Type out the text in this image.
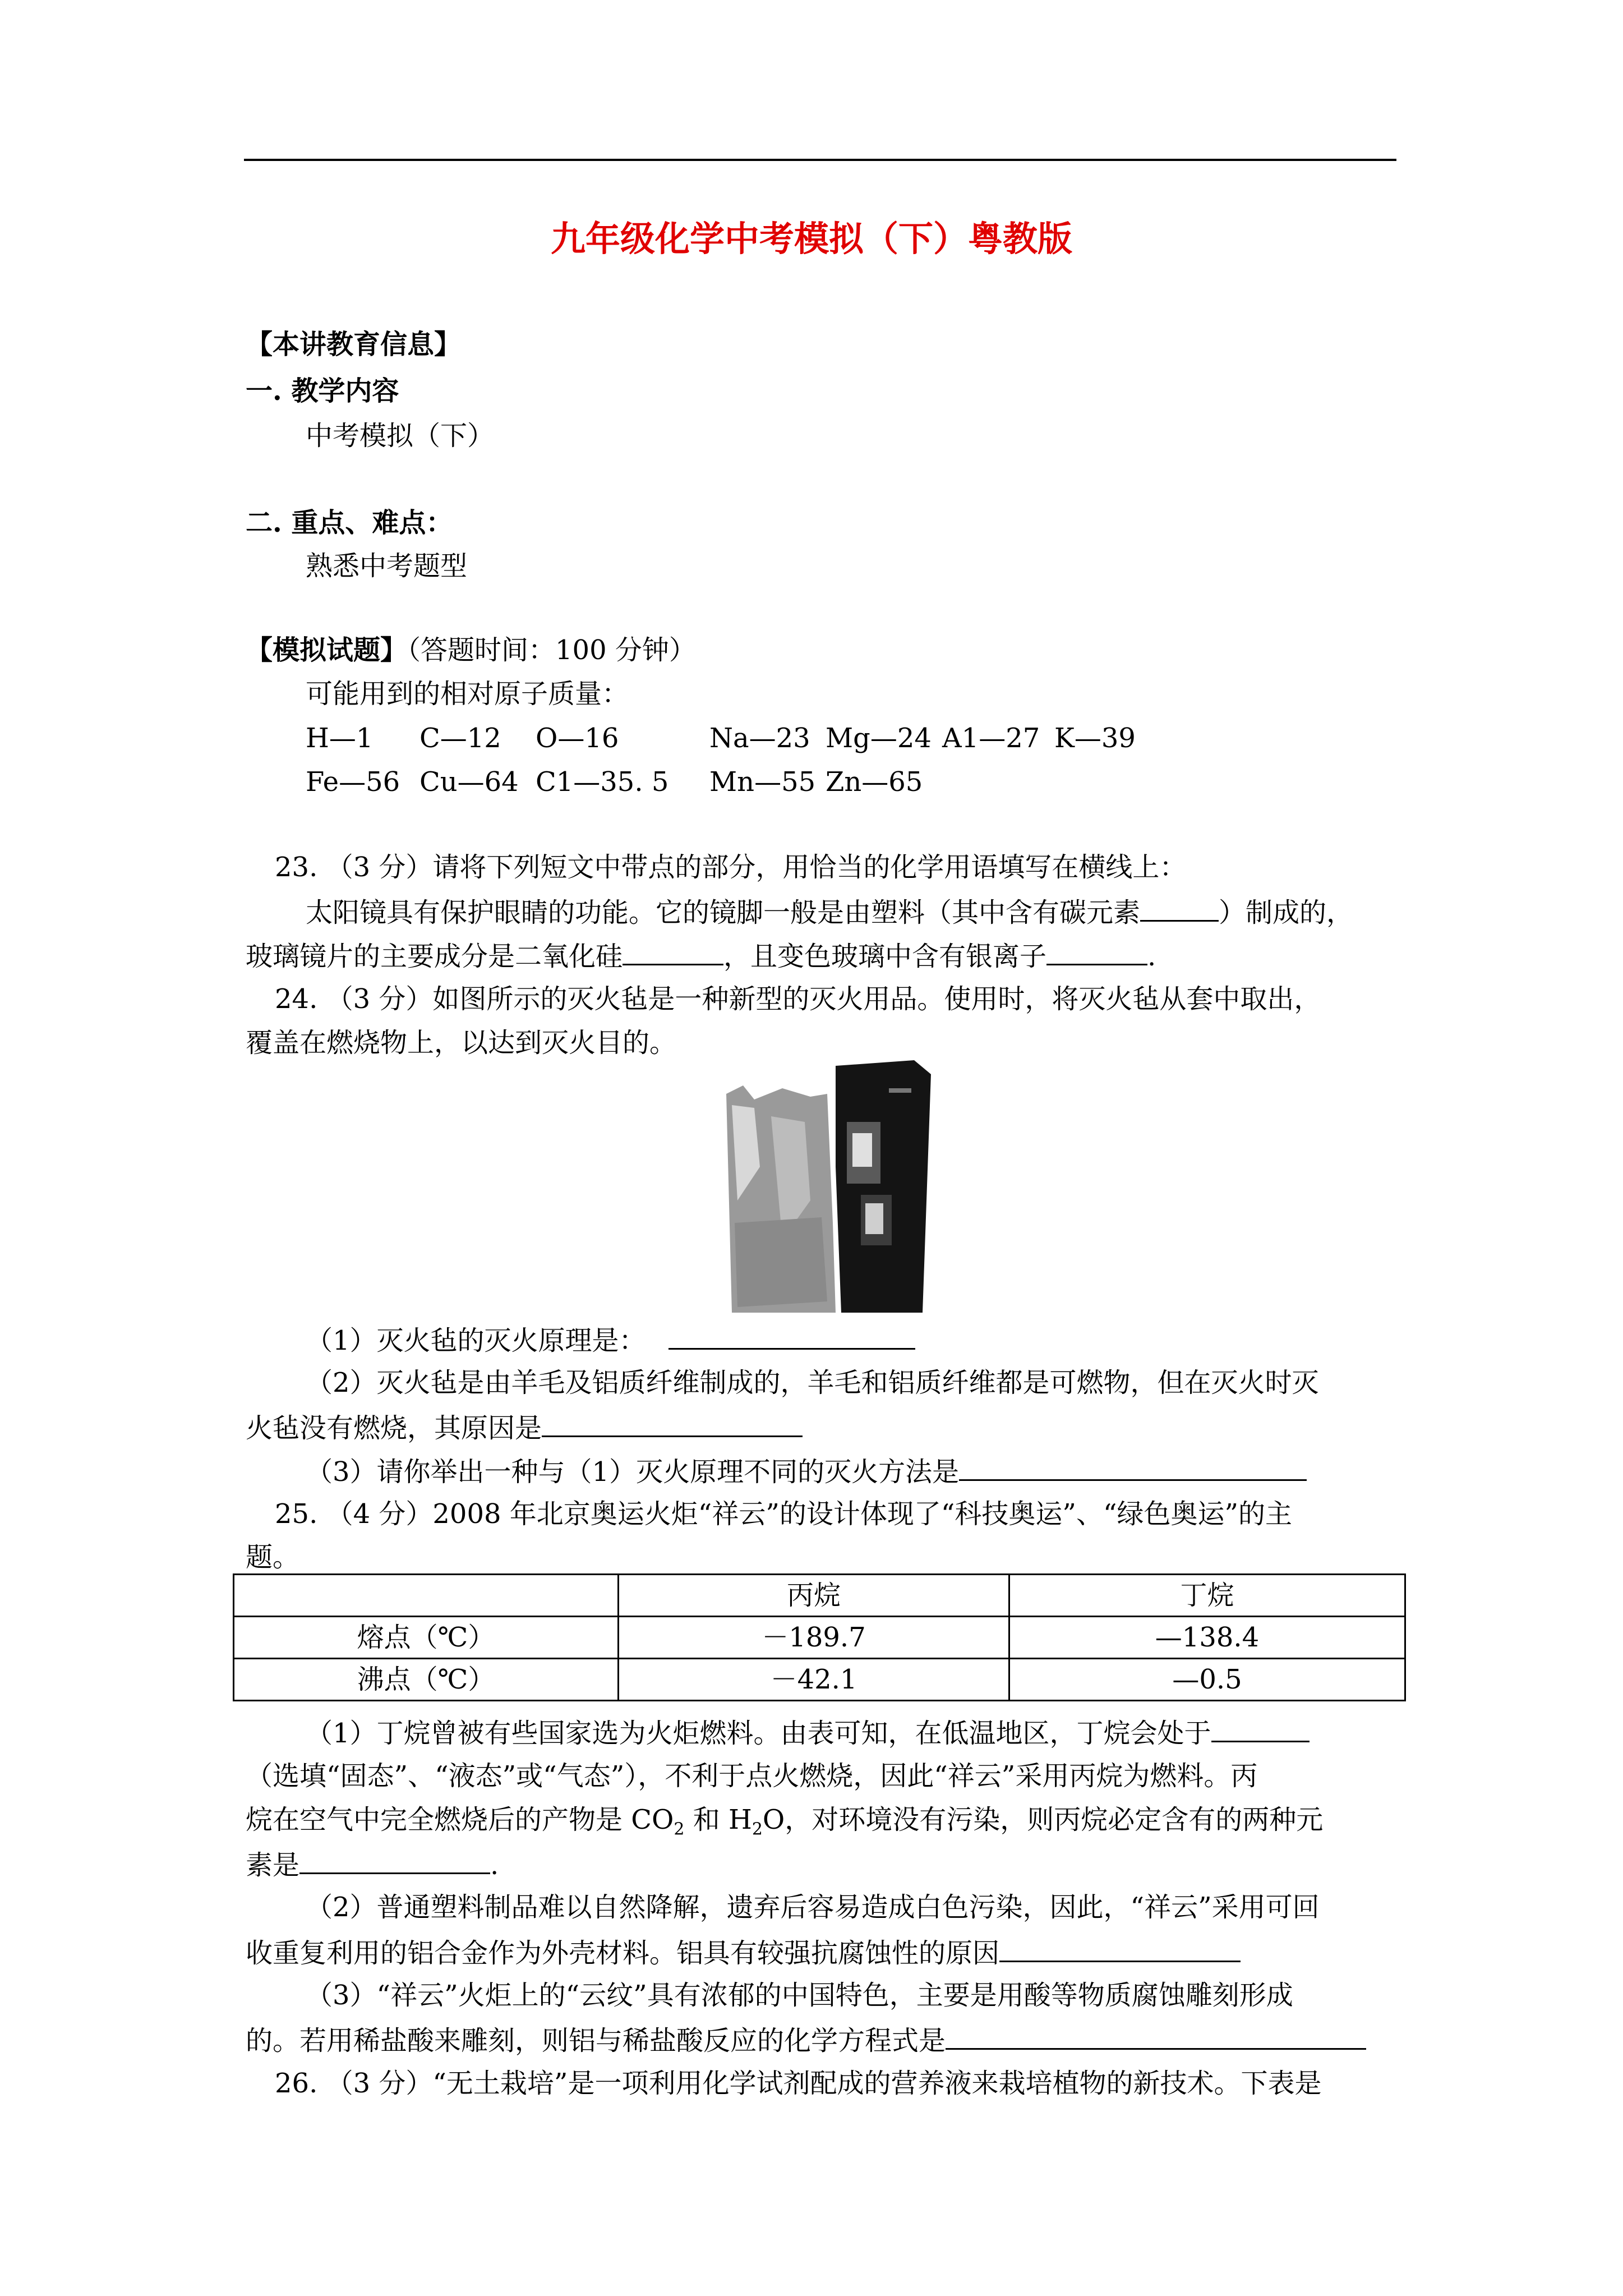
九年级化学中考模拟（下）粤教版
【本讲教育信息】
一. 教学内容
中考模拟（下）
二. 重点、难点：
熟悉中考题型
【模拟试题】（答题时间：100 分钟）
可能用到的相对原子质量：
H—1 C—12 O—16	Na—23 Mg—24 A1—27 K—39
Fe—56 Cu—64 C1—35. 5 Mn—55 Zn—65
23. （3 分）请将下列短文中带点的部分，用恰当的化学用语填写在横线上：
太阳镜具有保护眼睛的功能。它的镜脚一般是由塑料（其中含有碳元素	）制成的，
玻璃镜片的主要成分是二氧化硅	，且变色玻璃中含有银离子	.
24. （3 分）如图所示的灭火毡是一种新型的灭火用品。使用时，将灭火毡从套中取出，
覆盖在燃烧物上，以达到灭火目的。
（1）灭火毡的灭火原理是：
（2）灭火毡是由羊毛及铝质纤维制成的，羊毛和铝质纤维都是可燃物，但在灭火时灭
火毡没有燃烧，其原因是
（3）请你举出一种与（1）灭火原理不同的灭火方法是
25. （4 分）2008 年北京奥运火炬“祥云”的设计体现了“科技奥运”、“绿色奥运”的主
题。
	丙烷	丁烷
熔点（℃）	－189.7	—138.4
沸点（℃）	－42.1	—0.5
（1）丁烷曾被有些国家选为火炬燃料。由表可知，在低温地区，丁烷会处于
（选填“固态”、“液态”或“气态”），不利于点火燃烧，因此“祥云”采用丙烷为燃料。丙
烷在空气中完全燃烧后的产物是 $CO_2$ 和 $H_2O$，对环境没有污染，则丙烷必定含有的两种元
素是	.
（2）普通塑料制品难以自然降解，遗弃后容易造成白色污染，因此，“祥云”采用可回
收重复利用的铝合金作为外壳材料。铝具有较强抗腐蚀性的原因
（3）“祥云”火炬上的“云纹”具有浓郁的中国特色，主要是用酸等物质腐蚀雕刻形成
的。若用稀盐酸来雕刻，则铝与稀盐酸反应的化学方程式是
26. （3 分）“无土栽培”是一项利用化学试剂配成的营养液来栽培植物的新技术。下表是
